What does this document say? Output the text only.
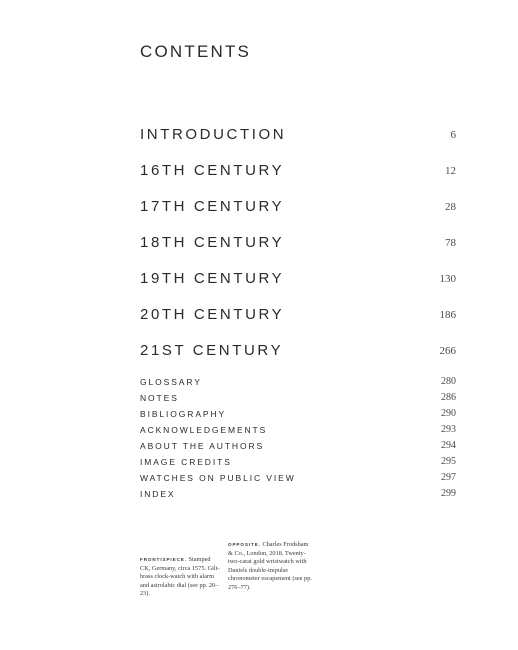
CONTENTS
INTRODUCTION	6
16TH CENTURY	12
17TH CENTURY	28
18TH CENTURY	78
19TH CENTURY	130
20TH CENTURY	186
21ST CENTURY	266
GLOSSARY	280
NOTES	286
BIBLIOGRAPHY	290
ACKNOWLEDGEMENTS	293
ABOUT THE AUTHORS	294
IMAGE CREDITS	295
WATCHES ON PUBLIC VIEW	297
INDEX	299

FRONTISPIECE. Stamped CK, Germany, circa 1575. Gilt-brass clock-watch with alarm and astrolabic dial (see pp. 20–23).

OPPOSITE. Charles Frodsham & Co., London, 2018. Twenty-two-carat gold wristwatch with Daniels double-impulse chronometer escapement (see pp. 276–77).
